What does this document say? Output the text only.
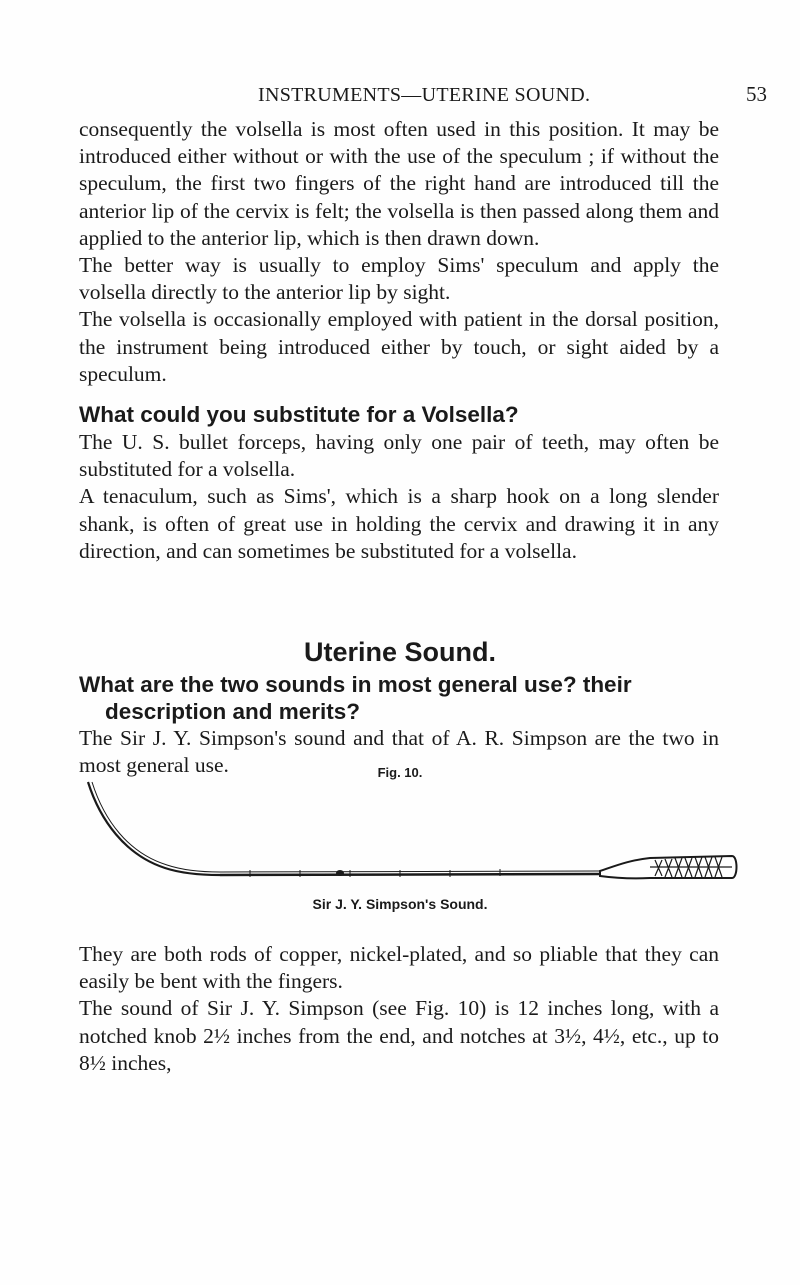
INSTRUMENTS—UTERINE SOUND.	53

consequently the volsella is most often used in this position. It may be introduced either without or with the use of the speculum ; if without the speculum, the first two fingers of the right hand are introduced till the anterior lip of the cervix is felt; the volsella is then passed along them and applied to the anterior lip, which is then drawn down.

The better way is usually to employ Sims' speculum and apply the volsella directly to the anterior lip by sight.

The volsella is occasionally employed with patient in the dorsal position, the instrument being introduced either by touch, or sight aided by a speculum.

What could you substitute for a Volsella?

The U. S. bullet forceps, having only one pair of teeth, may often be substituted for a volsella.

A tenaculum, such as Sims', which is a sharp hook on a long slender shank, is often of great use in holding the cervix and drawing it in any direction, and can sometimes be substituted for a volsella.

Uterine Sound.
What are the two sounds in most general use? their description and merits?

The Sir J. Y. Simpson's sound and that of A. R. Simpson are the two in most general use.	Fig. 10.
Sir J. Y. Simpson's Sound.

They are both rods of copper, nickel-plated, and so pliable that they can easily be bent with the fingers.

The sound of Sir J. Y. Simpson (see Fig. 10) is 12 inches long, with a notched knob 2½ inches from the end, and notches at 3½, 4½, etc., up to 8½ inches,
